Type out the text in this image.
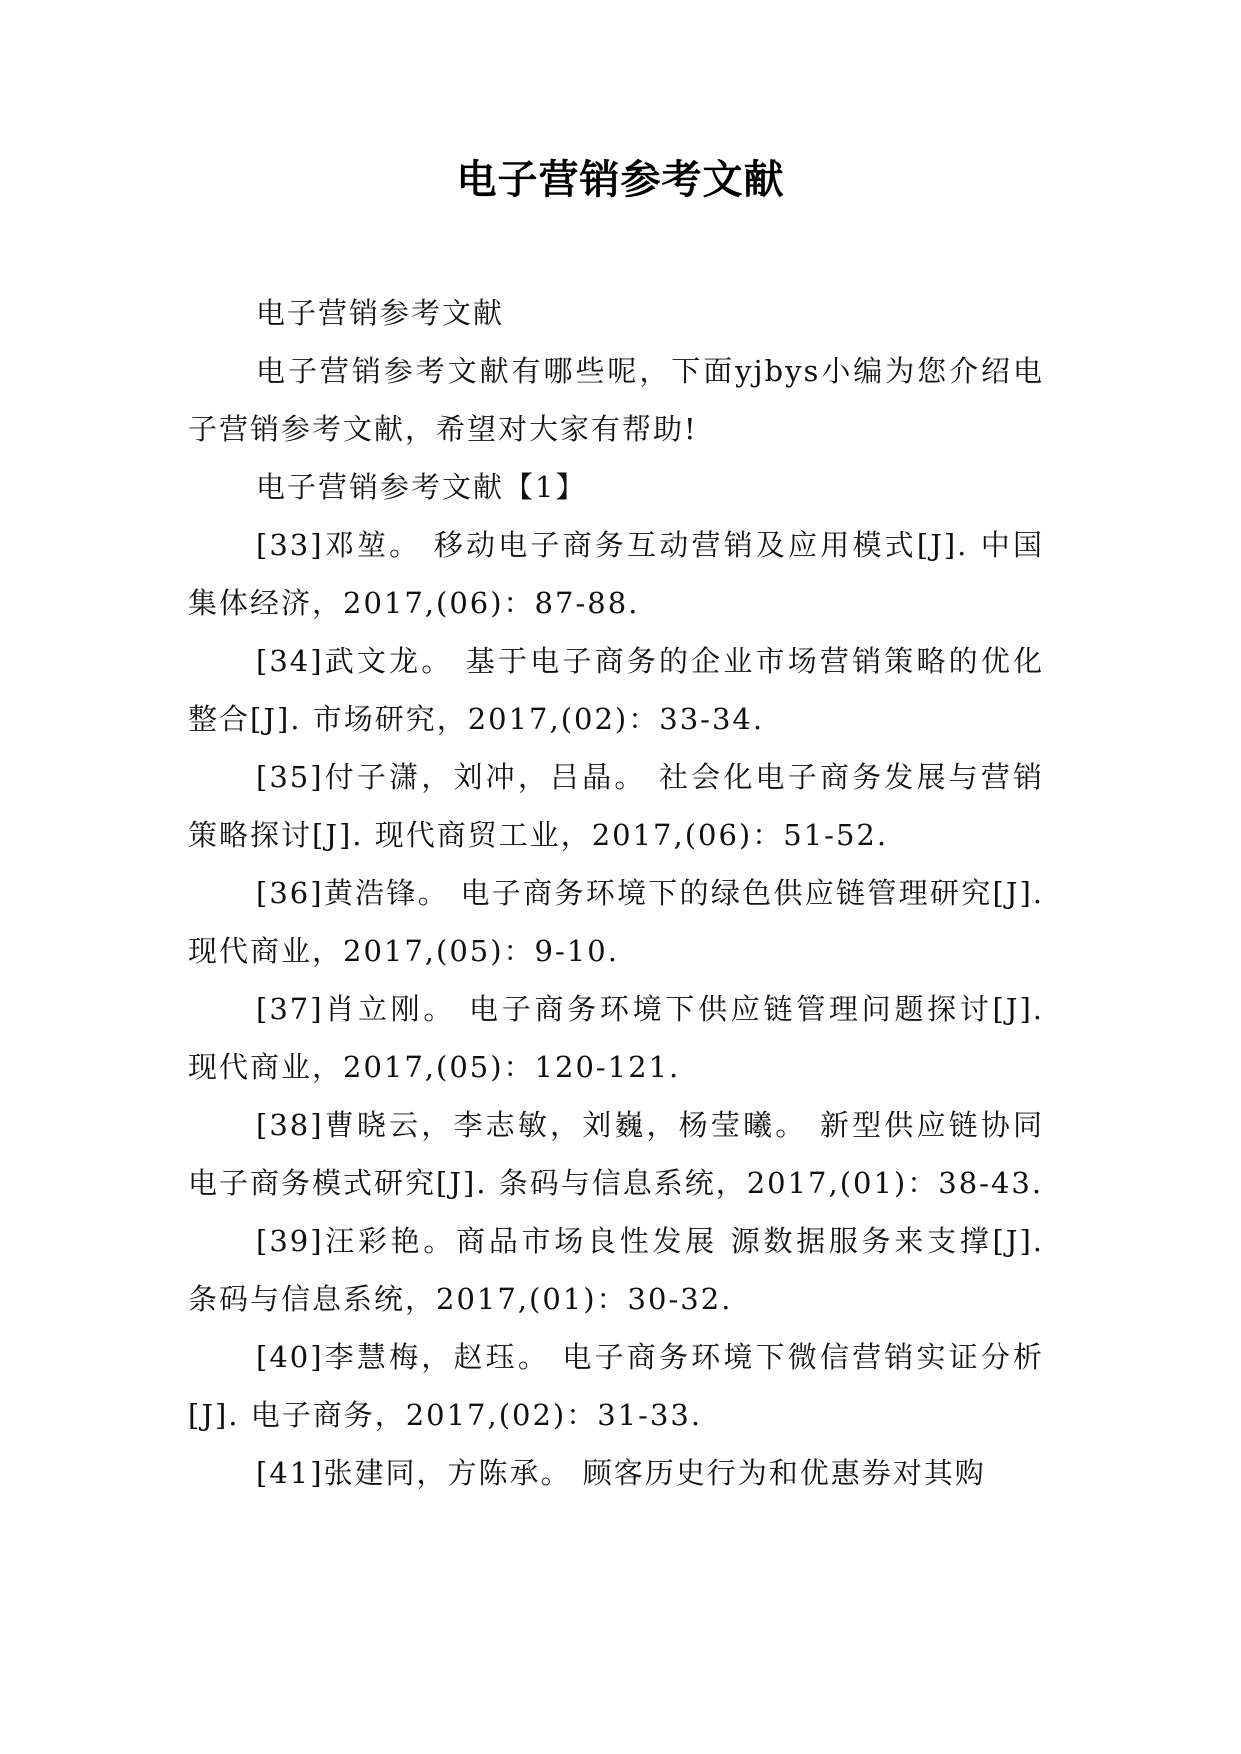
电子营销参考文献

电子营销参考文献

电子营销参考文献有哪些呢，下面yjbys小编为您介绍电子营销参考文献，希望对大家有帮助!

电子营销参考文献【1】

[33]邓堃。 移动电子商务互动营销及应用模式[J]. 中国集体经济，2017,(06)：87-88.

[34]武文龙。 基于电子商务的企业市场营销策略的优化整合[J]. 市场研究，2017,(02)：33-34.

[35]付子潇，刘冲，吕晶。 社会化电子商务发展与营销策略探讨[J]. 现代商贸工业，2017,(06)：51-52.

[36]黄浩锋。 电子商务环境下的绿色供应链管理研究[J]. 现代商业，2017,(05)：9-10.

[37]肖立刚。 电子商务环境下供应链管理问题探讨[J]. 现代商业，2017,(05)：120-121.

[38]曹晓云，李志敏，刘巍，杨莹曦。 新型供应链协同电子商务模式研究[J]. 条码与信息系统，2017,(01)：38-43.

[39]汪彩艳。商品市场良性发展 源数据服务来支撑[J]. 条码与信息系统，2017,(01)：30-32.

[40]李慧梅，赵珏。 电子商务环境下微信营销实证分析[J]. 电子商务，2017,(02)：31-33.

[41]张建同，方陈承。 顾客历史行为和优惠券对其购
